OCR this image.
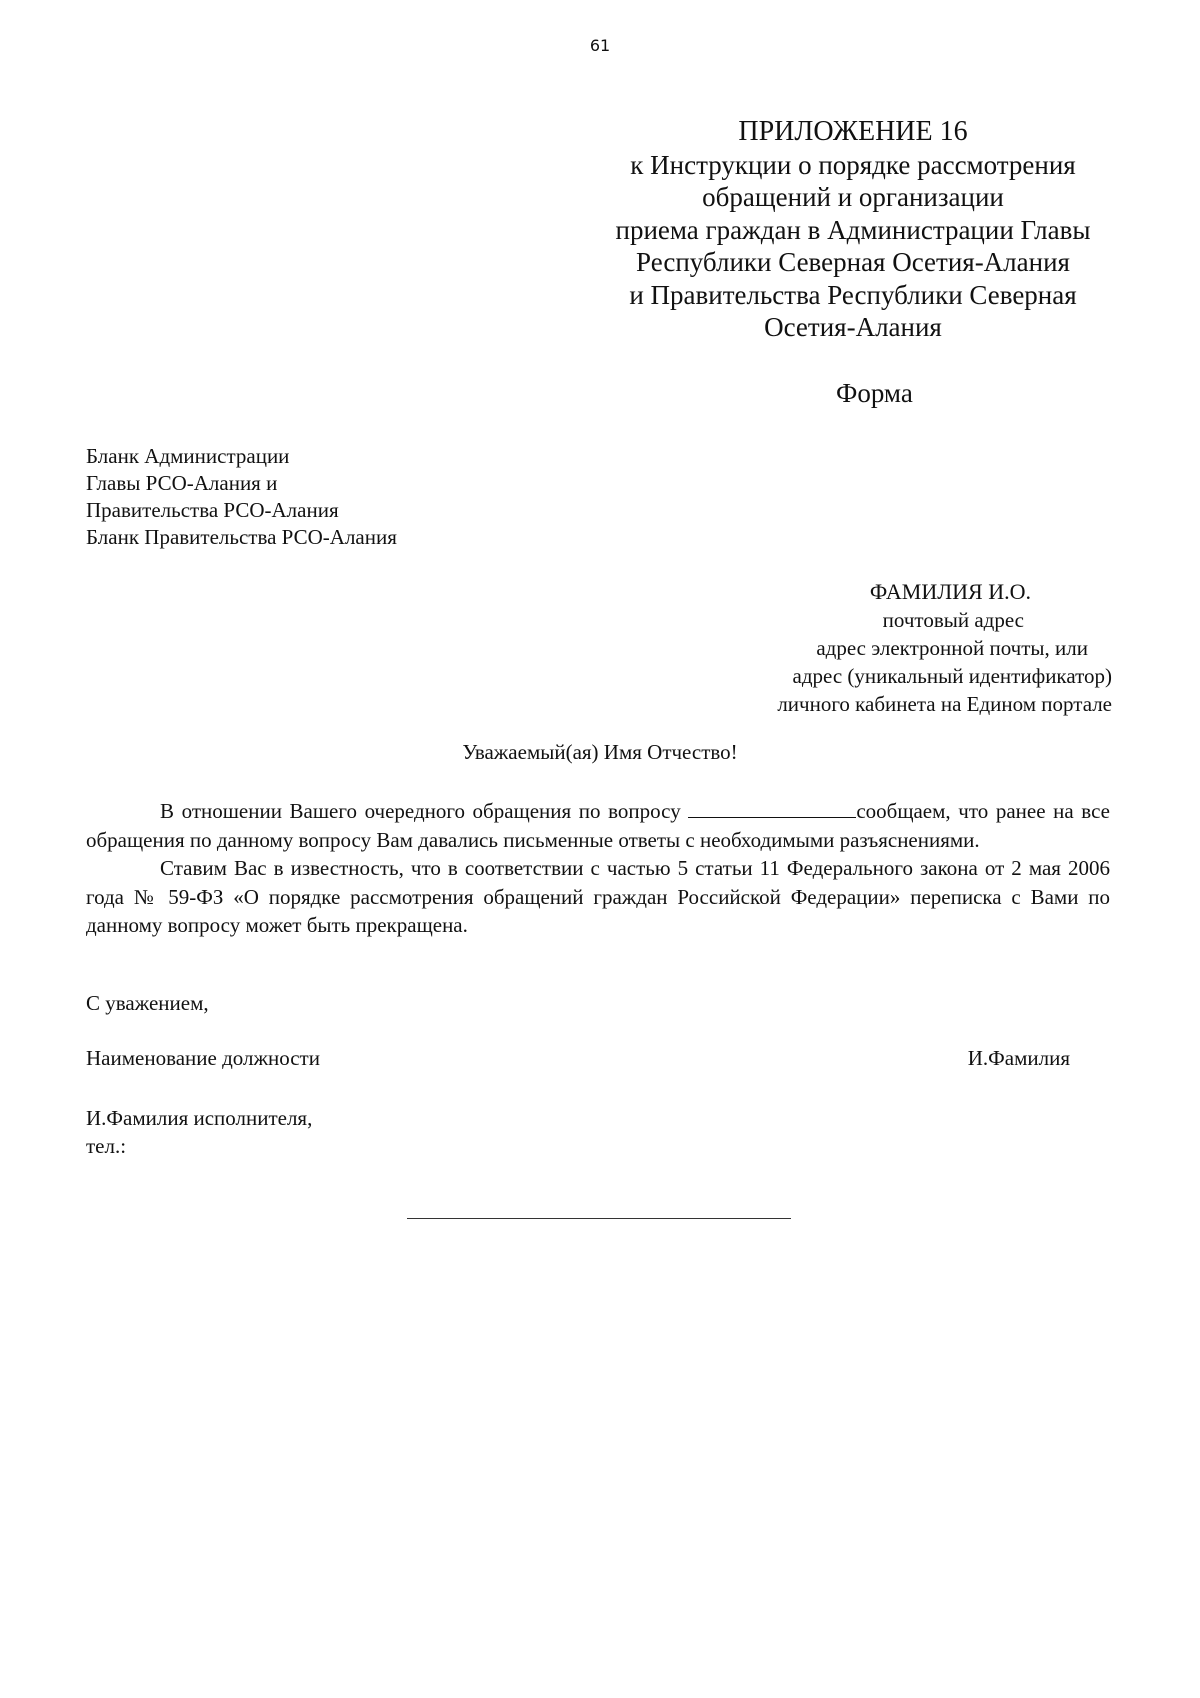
61
ПРИЛОЖЕНИЕ 16
к Инструкции о порядке рассмотрения
обращений и организации
приема граждан в Администрации Главы
Республики Северная Осетия-Алания
и Правительства Республики Северная
Осетия-Алания
Форма
Бланк Администрации
Главы РСО-Алания и
Правительства РСО-Алания
Бланк Правительства РСО-Алания
ФАМИЛИЯ И.О.
почтовый адрес
адрес электронной почты, или
адрес (уникальный идентификатор)
личного кабинета на Едином портале
Уважаемый(ая) Имя Отчество!

В отношении Вашего очередного обращения по вопросу	сообщаем, что ранее на все обращения по данному вопросу Вам давались письменные ответы с необходимыми разъяснениями.

Ставим Вас в известность, что в соответствии с частью 5 статьи 11 Федерального закона от 2 мая 2006 года № 59-ФЗ «О порядке рассмотрения обращений граждан Российской Федерации» переписка с Вами по данному вопросу может быть прекращена.

С уважением,
Наименование должности	И.Фамилия
И.Фамилия исполнителя,
тел.:
